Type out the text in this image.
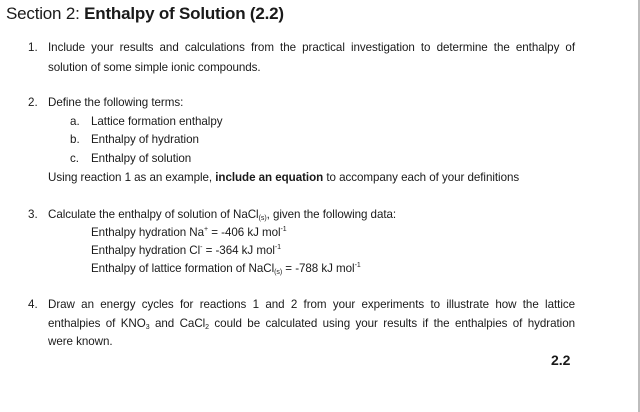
Section 2: Enthalpy of Solution (2.2)
1. Include your results and calculations from the practical investigation to determine the enthalpy of
solution of some simple ionic compounds.
2. Define the following terms:
a. Lattice formation enthalpy
b. Enthalpy of hydration
c. Enthalpy of solution
Using reaction 1 as an example, include an equation to accompany each of your definitions
3. Calculate the enthalpy of solution of NaCl$_{(s)}$, given the following data:
Enthalpy hydration Na+ = -406 kJ mol$^{-1}$
Enthalpy hydration Cl- = -364 kJ mol$^{-1}$
Enthalpy of lattice formation of NaCl$_{(s)}$ = -788 kJ mol$^{-1}$
4. Draw an energy cycles for reactions 1 and 2 from your experiments to illustrate how the lattice
enthalpies of $KNO_3$ and CaCl$_2$ could be calculated using your results if the enthalpies of hydration
were known.
2.2
